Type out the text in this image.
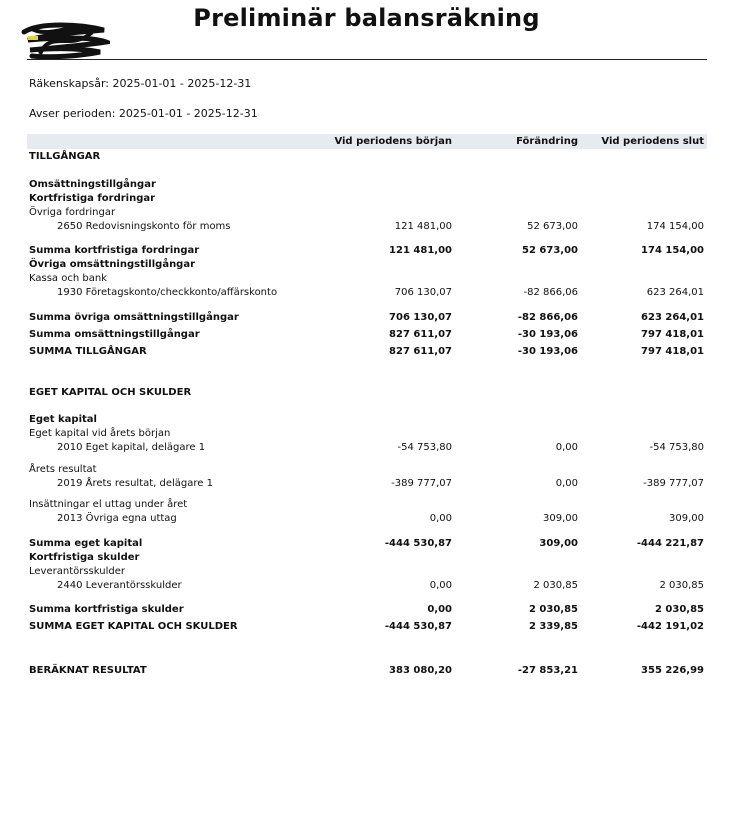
Preliminär balansräkning
Räkenskapsår: 2025-01-01 - 2025-12-31
Avser perioden: 2025-01-01 - 2025-12-31
Vid periodens början	Förändring	Vid periodens slut
TILLGÅNGAR
Omsättningstillgångar
Kortfristiga fordringar
Övriga fordringar
2650 Redovisningskonto för moms	121 481,00	52 673,00	174 154,00
Summa kortfristiga fordringar	121 481,00	52 673,00	174 154,00
Övriga omsättningstillgångar
Kassa och bank
1930 Företagskonto/checkkonto/affärskonto	706 130,07	-82 866,06	623 264,01
Summa övriga omsättningstillgångar	706 130,07	-82 866,06	623 264,01
Summa omsättningstillgångar	827 611,07	-30 193,06	797 418,01
SUMMA TILLGÅNGAR	827 611,07	-30 193,06	797 418,01
EGET KAPITAL OCH SKULDER
Eget kapital
Eget kapital vid årets början
2010 Eget kapital, delägare 1	-54 753,80	0,00	-54 753,80
Årets resultat
2019 Årets resultat, delägare 1	-389 777,07	0,00	-389 777,07
Insättningar el uttag under året
2013 Övriga egna uttag	0,00	309,00	309,00
Summa eget kapital	-444 530,87	309,00	-444 221,87
Kortfristiga skulder
Leverantörsskulder
2440 Leverantörsskulder	0,00	2 030,85	2 030,85
Summa kortfristiga skulder	0,00	2 030,85	2 030,85
SUMMA EGET KAPITAL OCH SKULDER	-444 530,87	2 339,85	-442 191,02
BERÄKNAT RESULTAT	383 080,20	-27 853,21	355 226,99
